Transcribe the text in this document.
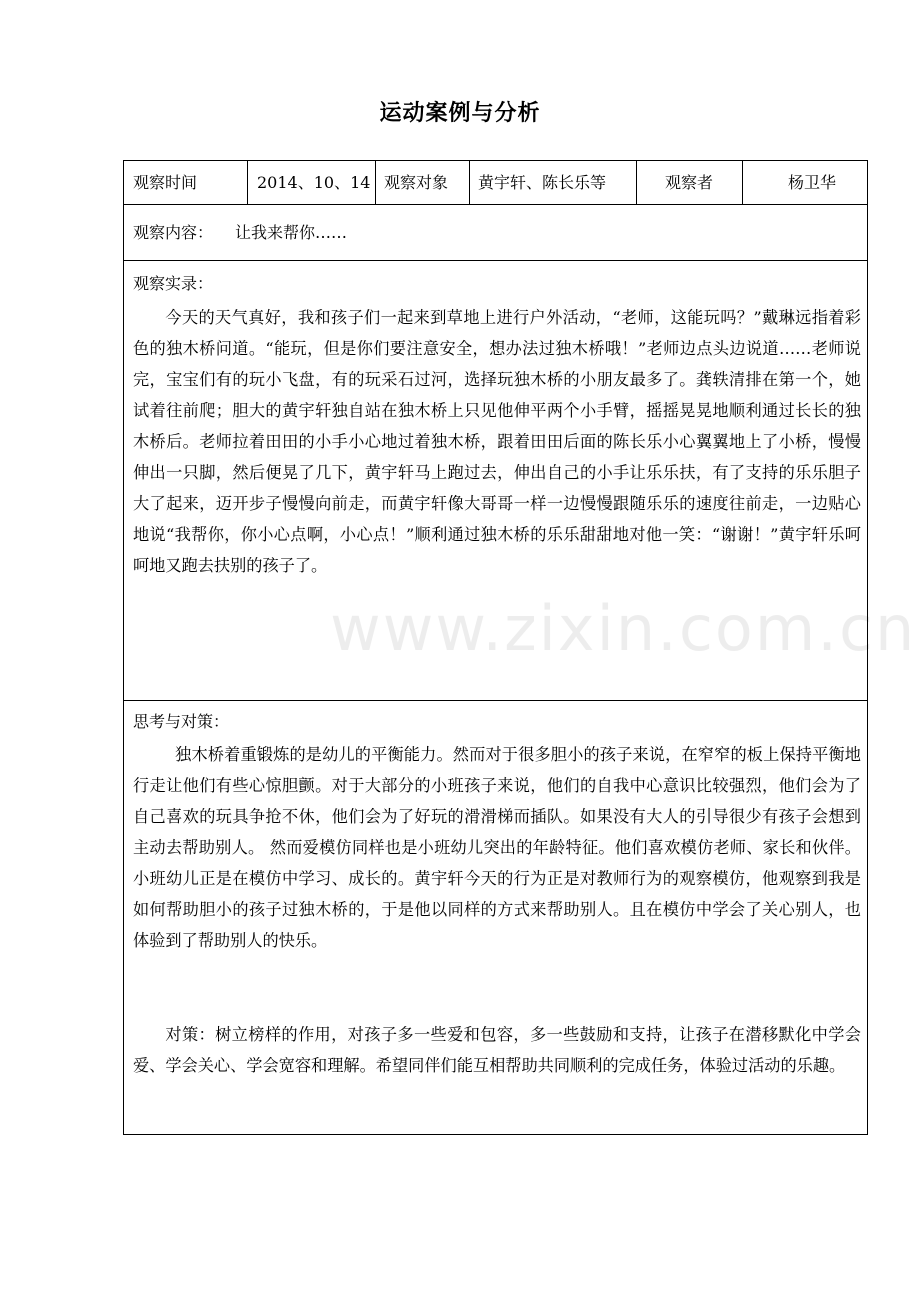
运动案例与分析
观察时间	2014、10、14 观察对象 黄宇轩、陈长乐等	观察者	杨卫华
观察内容： 让我来帮你……
观察实录：

今天的天气真好，我和孩子们一起来到草地上进行户外活动，“老师，这能玩吗？”戴琳远指着彩色的独木桥问道。“能玩，但是你们要注意安全，想办法过独木桥哦！”老师边点头边说道……老师说完，宝宝们有的玩小飞盘，有的玩采石过河，选择玩独木桥的小朋友最多了。龚轶清排在第一个，她试着往前爬；胆大的黄宇轩独自站在独木桥上只见他伸平两个小手臂，摇摇晃晃地顺利通过长长的独木桥后。老师拉着田田的小手小心地过着独木桥，跟着田田后面的陈长乐小心翼翼地上了小桥，慢慢伸出一只脚，然后便晃了几下，黄宇轩马上跑过去，伸出自己的小手让乐乐扶，有了支持的乐乐胆子大了起来，迈开步子慢慢向前走，而黄宇轩像大哥哥一样一边慢慢跟随乐乐的速度往前走，一边贴心地说“我帮你，你小心点啊，小心点！”顺利通过独木桥的乐乐甜甜地对他一笑：“谢谢！”黄宇轩乐呵呵地又跑去扶别的孩子了。

思考与对策：

独木桥着重锻炼的是幼儿的平衡能力。然而对于很多胆小的孩子来说，在窄窄的板上保持平衡地行走让他们有些心惊胆颤。对于大部分的小班孩子来说，他们的自我中心意识比较强烈，他们会为了自己喜欢的玩具争抢不休，他们会为了好玩的滑滑梯而插队。如果没有大人的引导很少有孩子会想到主动去帮助别人。 然而爱模仿同样也是小班幼儿突出的年龄特征。他们喜欢模仿老师、家长和伙伴。小班幼儿正是在模仿中学习、成长的。黄宇轩今天的行为正是对教师行为的观察模仿，他观察到我是如何帮助胆小的孩子过独木桥的，于是他以同样的方式来帮助别人。且在模仿中学会了关心别人，也体验到了帮助别人的快乐。

对策：树立榜样的作用，对孩子多一些爱和包容，多一些鼓励和支持，让孩子在潜移默化中学会爱、学会关心、学会宽容和理解。希望同伴们能互相帮助共同顺利的完成任务，体验过活动的乐趣。

www.zixin.com.cn
